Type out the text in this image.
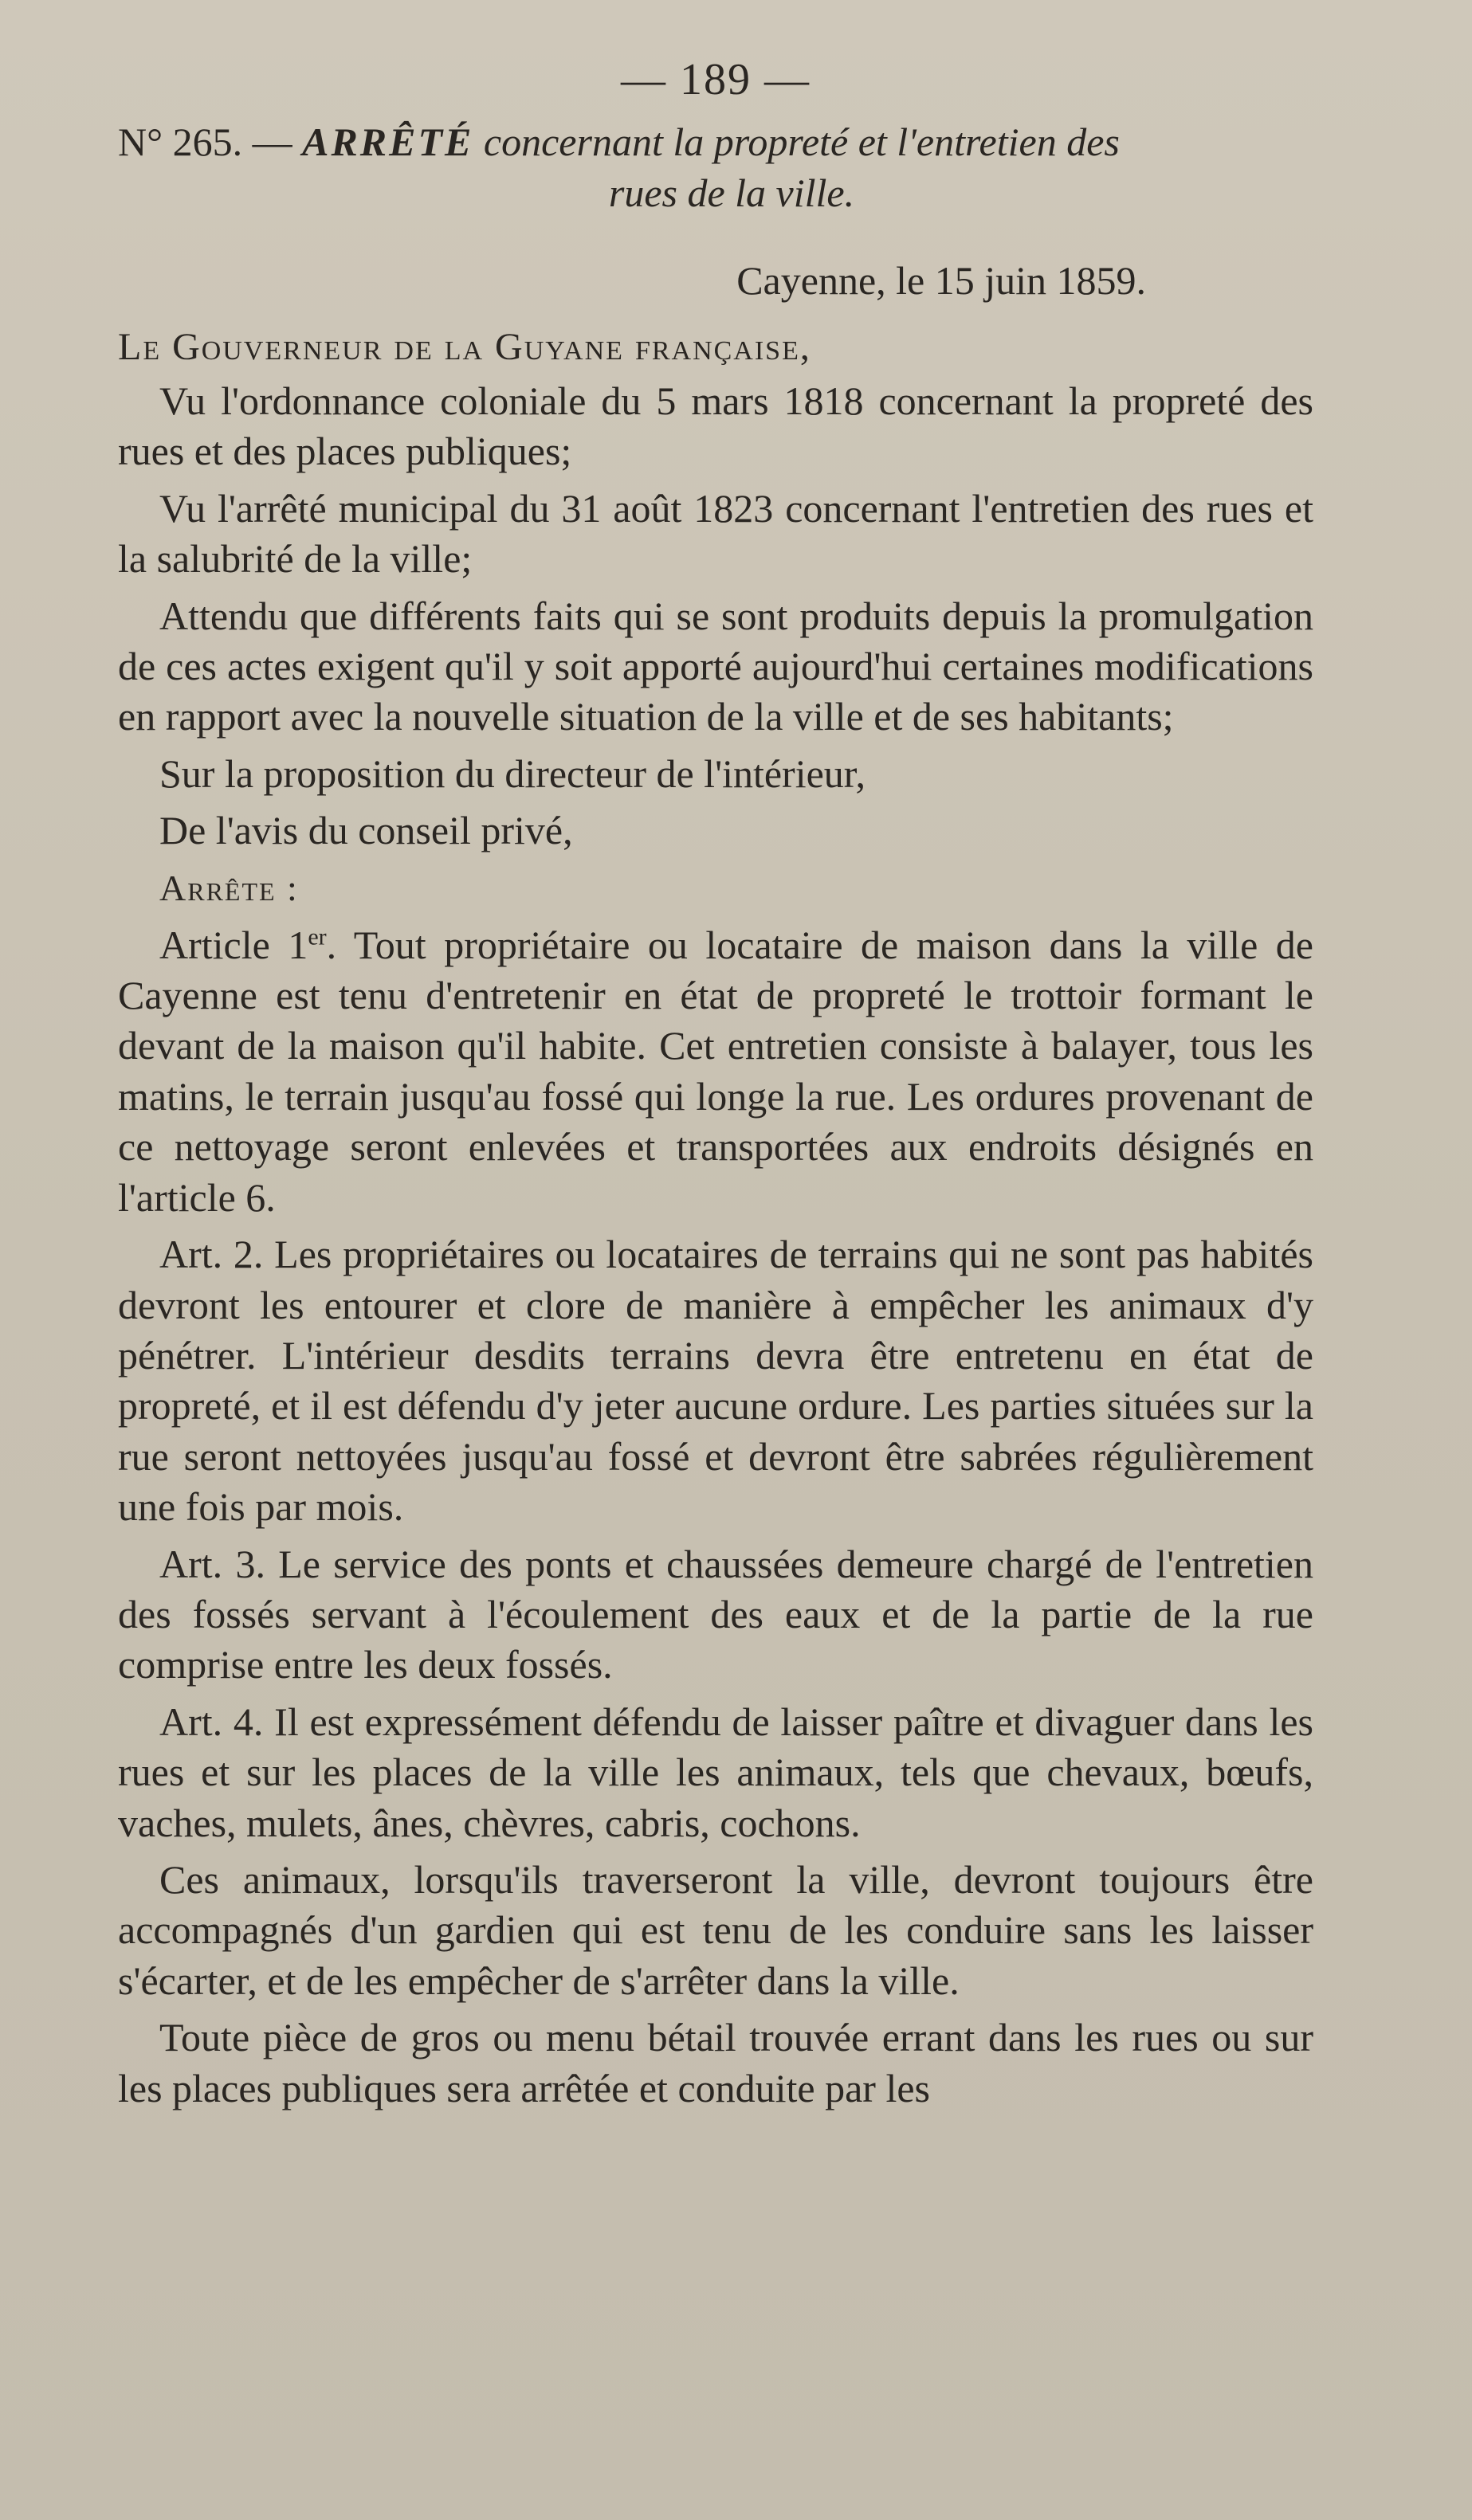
— 189 —
N° 265. — ARRÊTÉ concernant la propreté et l'entretien des
rues de la ville.
Cayenne, le 15 juin 1859.
Le Gouverneur de la Guyane française,

Vu l'ordonnance coloniale du 5 mars 1818 concernant la propreté des rues et des places publiques;

Vu l'arrêté municipal du 31 août 1823 concernant l'entretien des rues et la salubrité de la ville;

Attendu que différents faits qui se sont produits depuis la promulgation de ces actes exigent qu'il y soit apporté aujourd'hui certaines modifications en rapport avec la nouvelle situation de la ville et de ses habitants;

Sur la proposition du directeur de l'intérieur,

De l'avis du conseil privé,

Arrête :

Article 1er. Tout propriétaire ou locataire de maison dans la ville de Cayenne est tenu d'entretenir en état de propreté le trottoir formant le devant de la maison qu'il habite. Cet entretien consiste à balayer, tous les matins, le terrain jusqu'au fossé qui longe la rue. Les ordures provenant de ce nettoyage seront enlevées et transportées aux endroits désignés en l'article 6.

Art. 2. Les propriétaires ou locataires de terrains qui ne sont pas habités devront les entourer et clore de manière à empêcher les animaux d'y pénétrer. L'intérieur desdits terrains devra être entretenu en état de propreté, et il est défendu d'y jeter aucune ordure. Les parties situées sur la rue seront nettoyées jusqu'au fossé et devront être sabrées régulièrement une fois par mois.

Art. 3. Le service des ponts et chaussées demeure chargé de l'entretien des fossés servant à l'écoulement des eaux et de la partie de la rue comprise entre les deux fossés.

Art. 4. Il est expressément défendu de laisser paître et divaguer dans les rues et sur les places de la ville les animaux, tels que chevaux, bœufs, vaches, mulets, ânes, chèvres, cabris, cochons.

Ces animaux, lorsqu'ils traverseront la ville, devront toujours être accompagnés d'un gardien qui est tenu de les conduire sans les laisser s'écarter, et de les empêcher de s'arrêter dans la ville.

Toute pièce de gros ou menu bétail trouvée errant dans les rues ou sur les places publiques sera arrêtée et conduite par les
